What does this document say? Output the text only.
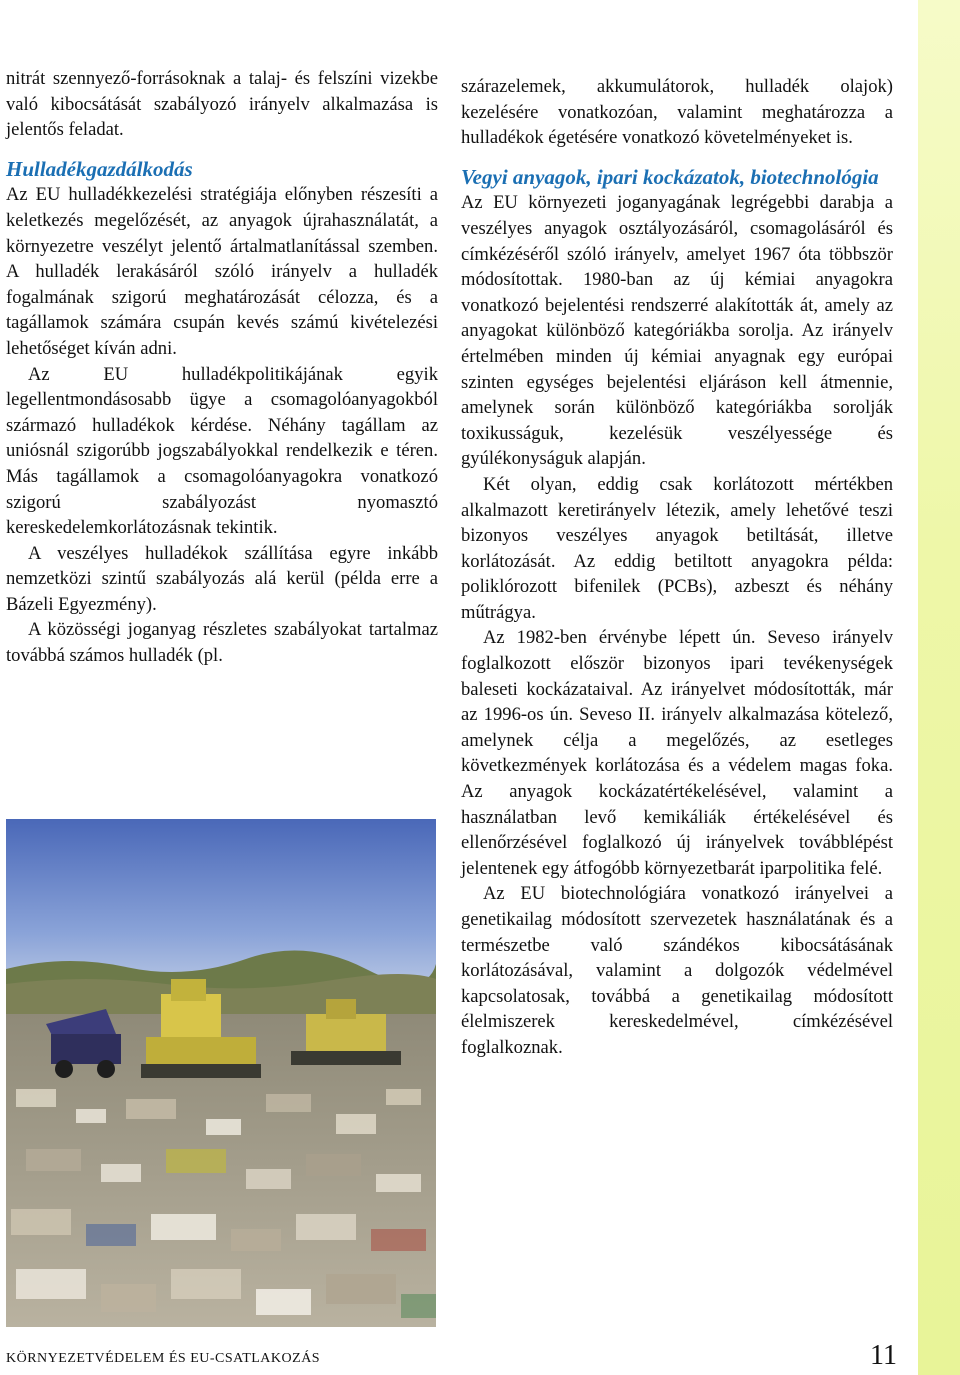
nitrát szennyező-forrásoknak a talaj- és felszíni vizekbe való kibocsátását szabályozó irányelv alkalmazása is jelentős feladat.

Hulladékgazdálkodás

Az EU hulladékkezelési stratégiája előnyben részesíti a keletkezés megelőzését, az anyagok újrahasználatát, a környezetre veszélyt jelentő ártalmatlanítással szemben. A hulladék lerakásáról szóló irányelv a hulladék fogalmának szigorú meghatározását célozza, és a tagállamok számára csupán kevés számú kivételezési lehetőséget kíván adni.

Az EU hulladékpolitikájának egyik legellentmondásosabb ügye a csomagolóanyagokból származó hulladékok kérdése. Néhány tagállam az uniósnál szigorúbb jogszabályokkal rendelkezik e téren. Más tagállamok a csomagolóanyagokra vonatkozó szigorú szabályozást nyomasztó kereskedelemkorlátozásnak tekintik.

A veszélyes hulladékok szállítása egyre inkább nemzetközi szintű szabályozás alá kerül (példa erre a Bázeli Egyezmény).

A közösségi joganyag részletes szabályokat tartalmaz továbbá számos hulladék (pl.

szárazelemek, akkumulátorok, hulladék olajok) kezelésére vonatkozóan, valamint meghatározza a hulladékok égetésére vonatkozó követelményeket is.

Vegyi anyagok, ipari kockázatok, biotechnológia

Az EU környezeti joganyagának legrégebbi darabja a veszélyes anyagok osztályozásáról, csomagolásáról és címkézéséről szóló irányelv, amelyet 1967 óta többször módosítottak. 1980-ban az új kémiai anyagokra vonatkozó bejelentési rendszerré alakították át, amely az anyagokat különböző kategóriákba sorolja. Az irányelv értelmében minden új kémiai anyagnak egy európai szinten egységes bejelentési eljáráson kell átmennie, amelynek során különböző kategóriákba sorolják toxikusságuk, kezelésük veszélyessége és gyúlékonyságuk alapján.

Két olyan, eddig csak korlátozott mértékben alkalmazott keretirányelv létezik, amely lehetővé teszi bizonyos veszélyes anyagok betiltását, illetve korlátozását. Az eddig betiltott anyagokra példa: poliklórozott bifenilek (PCBs), azbeszt és néhány műtrágya.

Az 1982-ben érvénybe lépett ún. Seveso irányelv foglalkozott először bizonyos ipari tevékenységek baleseti kockázataival. Az irányelvet módosították, már az 1996-os ún. Seveso II. irányelv alkalmazása kötelező, amelynek célja a megelőzés, az esetleges következmények korlátozása és a védelem magas foka. Az anyagok kockázatértékelésével, valamint a használatban levő kemikáliák értékelésével és ellenőrzésével foglalkozó új irányelvek továbblépést jelentenek egy átfogóbb környezetbarát iparpolitika felé.

Az EU biotechnológiára vonatkozó irányelvei a genetikailag módosított szervezetek használatának és a természetbe való szándékos kibocsátásának korlátozásával, valamint a dolgozók védelmével kapcsolatosak, továbbá a genetikailag módosított élelmiszerek kereskedelmével, címkézésével foglalkoznak.

KÖRNYEZETVÉDELEM ÉS EU-CSATLAKOZÁS	11
